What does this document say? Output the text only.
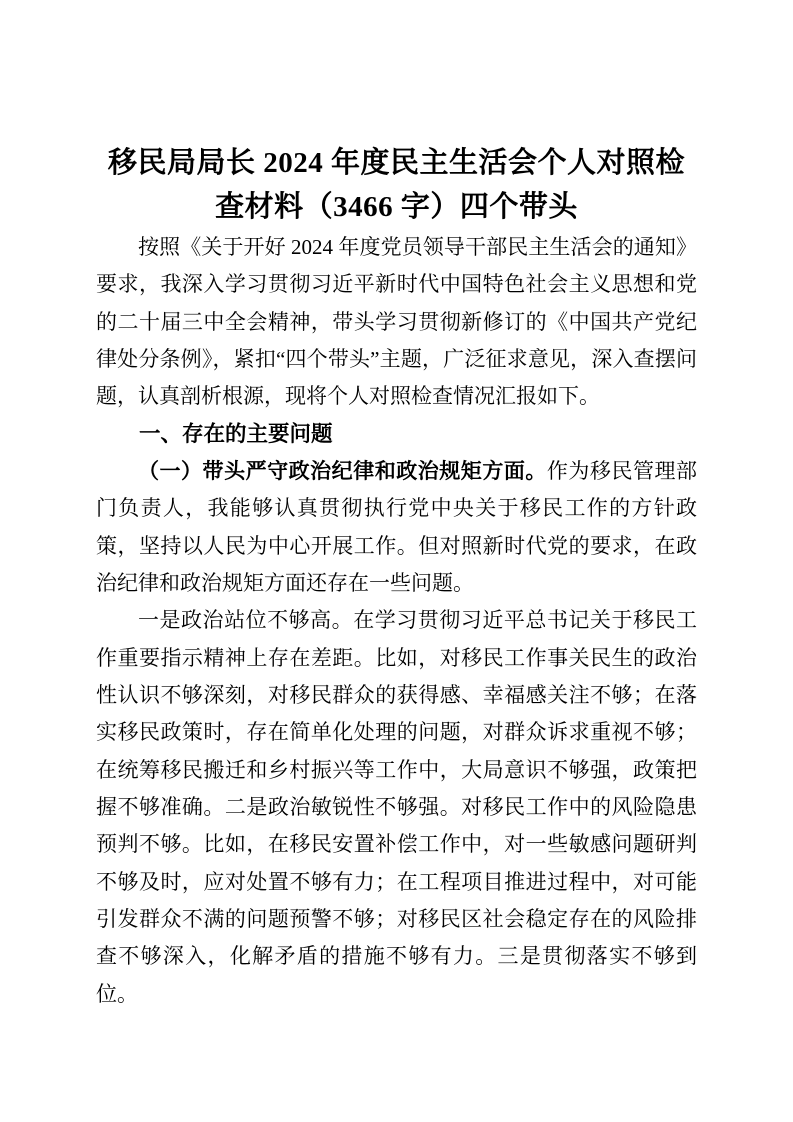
移民局局长 2024 年度民主生活会个人对照检
查材料（3466 字）四个带头

按照《关于开好 2024 年度党员领导干部民主生活会的通知》要求，我深入学习贯彻习近平新时代中国特色社会主义思想和党的二十届三中全会精神，带头学习贯彻新修订的《中国共产党纪律处分条例》，紧扣“四个带头”主题，广泛征求意见，深入查摆问题，认真剖析根源，现将个人对照检查情况汇报如下。

一、存在的主要问题

（一）带头严守政治纪律和政治规矩方面。作为移民管理部门负责人，我能够认真贯彻执行党中央关于移民工作的方针政策，坚持以人民为中心开展工作。但对照新时代党的要求，在政治纪律和政治规矩方面还存在一些问题。

一是政治站位不够高。在学习贯彻习近平总书记关于移民工作重要指示精神上存在差距。比如，对移民工作事关民生的政治性认识不够深刻，对移民群众的获得感、幸福感关注不够；在落实移民政策时，存在简单化处理的问题，对群众诉求重视不够；在统筹移民搬迁和乡村振兴等工作中，大局意识不够强，政策把握不够准确。二是政治敏锐性不够强。对移民工作中的风险隐患预判不够。比如，在移民安置补偿工作中，对一些敏感问题研判不够及时，应对处置不够有力；在工程项目推进过程中，对可能引发群众不满的问题预警不够；对移民区社会稳定存在的风险排查不够深入，化解矛盾的措施不够有力。三是贯彻落实不够到位。
